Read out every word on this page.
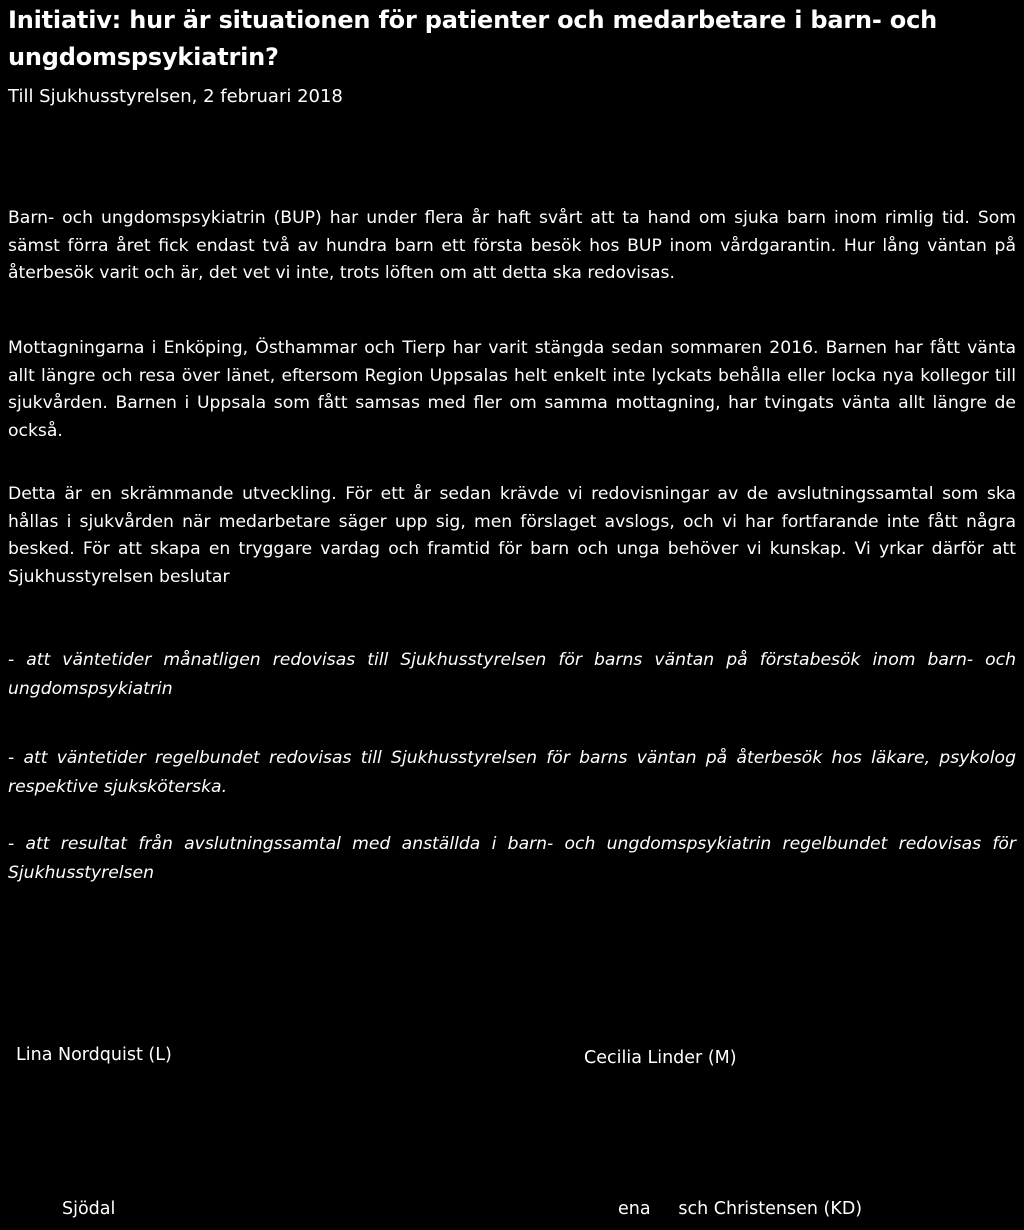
Initiativ: hur är situationen för patienter och medarbetare i barn- och ungdomspsykiatrin?
Till Sjukhusstyrelsen, 2 februari 2018

Barn- och ungdomspsykiatrin (BUP) har under flera år haft svårt att ta hand om sjuka barn inom rimlig tid. Som sämst förra året fick endast två av hundra barn ett första besök hos BUP inom vårdgarantin. Hur lång väntan på återbesök varit och är, det vet vi inte, trots löften om att detta ska redovisas.

Mottagningarna i Enköping, Östhammar och Tierp har varit stängda sedan sommaren 2016. Barnen har fått vänta allt längre och resa över länet, eftersom Region Uppsalas helt enkelt inte lyckats behålla eller locka nya kollegor till sjukvården. Barnen i Uppsala som fått samsas med fler om samma mottagning, har tvingats vänta allt längre de också.

Detta är en skrämmande utveckling. För ett år sedan krävde vi redovisningar av de avslutningssamtal som ska hållas i sjukvården när medarbetare säger upp sig, men förslaget avslogs, och vi har fortfarande inte fått några besked. För att skapa en tryggare vardag och framtid för barn och unga behöver vi kunskap. Vi yrkar därför att Sjukhusstyrelsen beslutar

- att väntetider månatligen redovisas till Sjukhusstyrelsen för barns väntan på förstabesök inom barn- och ungdomspsykiatrin

- att väntetider regelbundet redovisas till Sjukhusstyrelsen för barns väntan på återbesök hos läkare, psykolog respektive sjuksköterska.

- att resultat från avslutningssamtal med anställda i barn- och ungdomspsykiatrin regelbundet redovisas för Sjukhusstyrelsen

Lina Nordquist (L)	Cecilia Linder (M)
Sjödal	ena     sch Christensen (KD)
